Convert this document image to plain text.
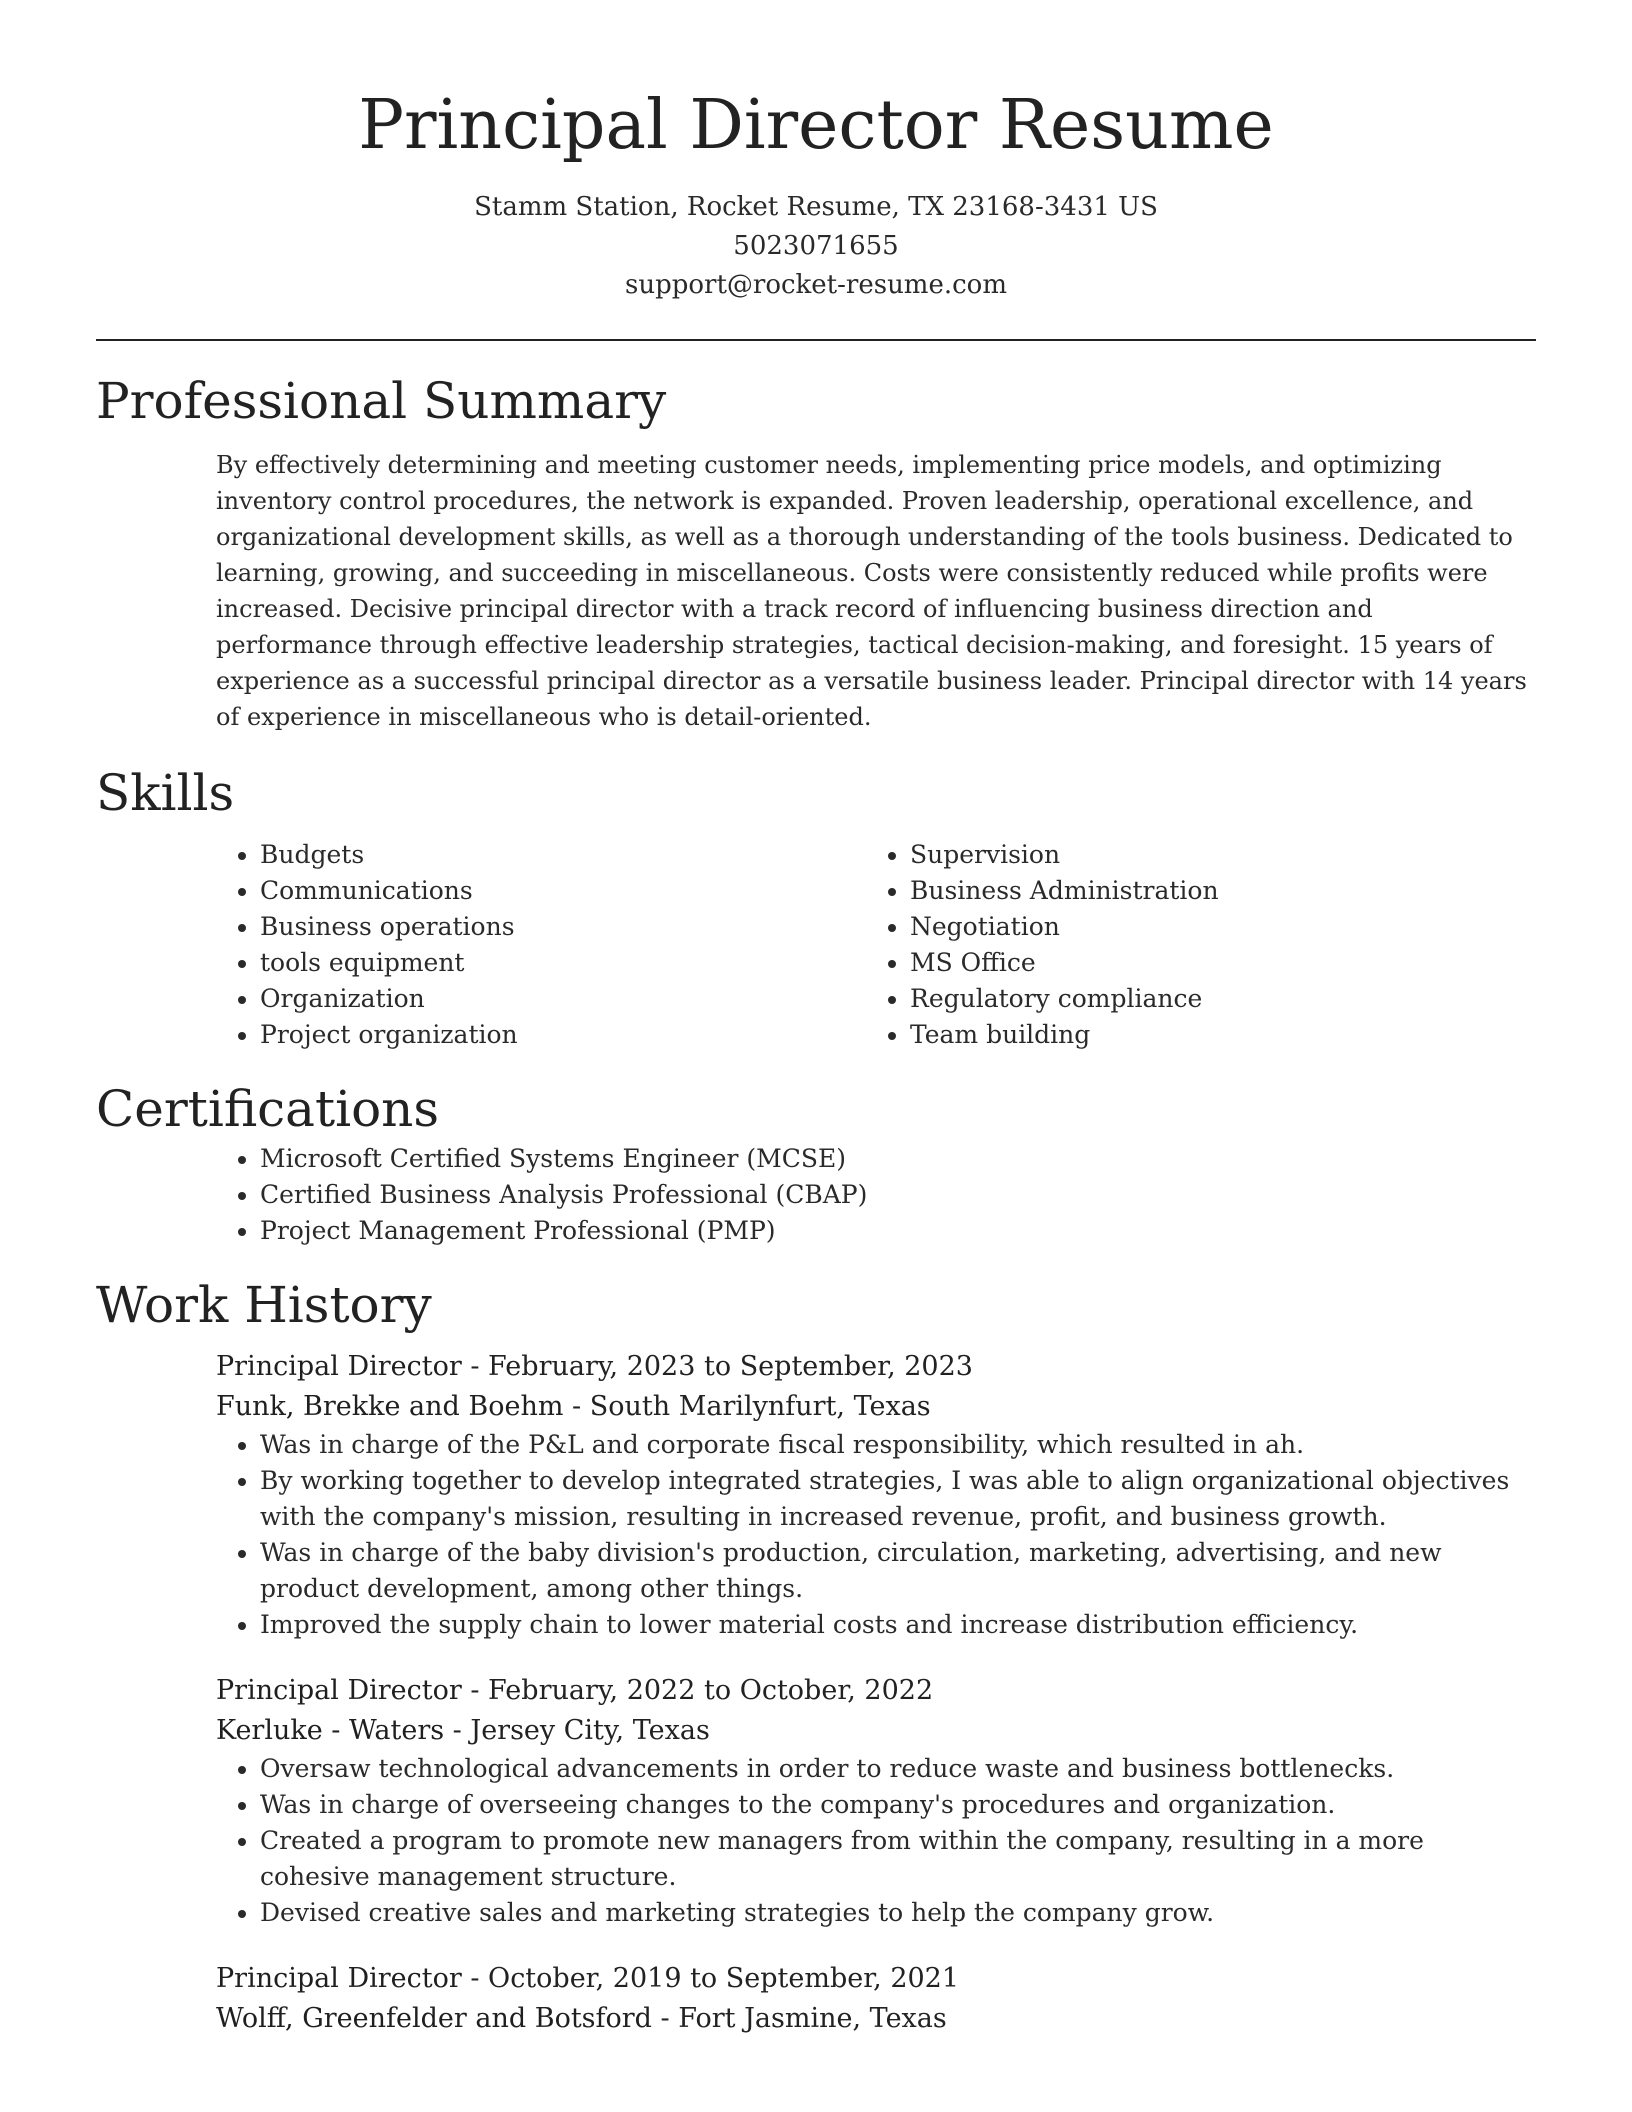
Principal Director Resume
Stamm Station, Rocket Resume, TX 23168-3431 US
5023071655
support@rocket-resume.com
Professional Summary

By effectively determining and meeting customer needs, implementing price models, and optimizing inventory control procedures, the network is expanded. Proven leadership, operational excellence, and organizational development skills, as well as a thorough understanding of the tools business. Dedicated to learning, growing, and succeeding in miscellaneous. Costs were consistently reduced while profits were increased. Decisive principal director with a track record of influencing business direction and performance through effective leadership strategies, tactical decision-making, and foresight. 15 years of experience as a successful principal director as a versatile business leader. Principal director with 14 years of experience in miscellaneous who is detail-oriented.

Skills
• Budgets
• Communications
• Business operations
• tools equipment
• Organization
• Project organization
• Supervision
• Business Administration
• Negotiation
• MS Office
• Regulatory compliance
• Team building
Certifications
• Microsoft Certified Systems Engineer (MCSE)
• Certified Business Analysis Professional (CBAP)
• Project Management Professional (PMP)
Work History
Principal Director - February, 2023 to September, 2023
Funk, Brekke and Boehm - South Marilynfurt, Texas
• Was in charge of the P&L and corporate fiscal responsibility, which resulted in ah.
• By working together to develop integrated strategies, I was able to align organizational objectives with the company's mission, resulting in increased revenue, profit, and business growth.
• Was in charge of the baby division's production, circulation, marketing, advertising, and new product development, among other things.
• Improved the supply chain to lower material costs and increase distribution efficiency.
Principal Director - February, 2022 to October, 2022
Kerluke - Waters - Jersey City, Texas
• Oversaw technological advancements in order to reduce waste and business bottlenecks.
• Was in charge of overseeing changes to the company's procedures and organization.
• Created a program to promote new managers from within the company, resulting in a more cohesive management structure.
• Devised creative sales and marketing strategies to help the company grow.
Principal Director - October, 2019 to September, 2021
Wolff, Greenfelder and Botsford - Fort Jasmine, Texas
